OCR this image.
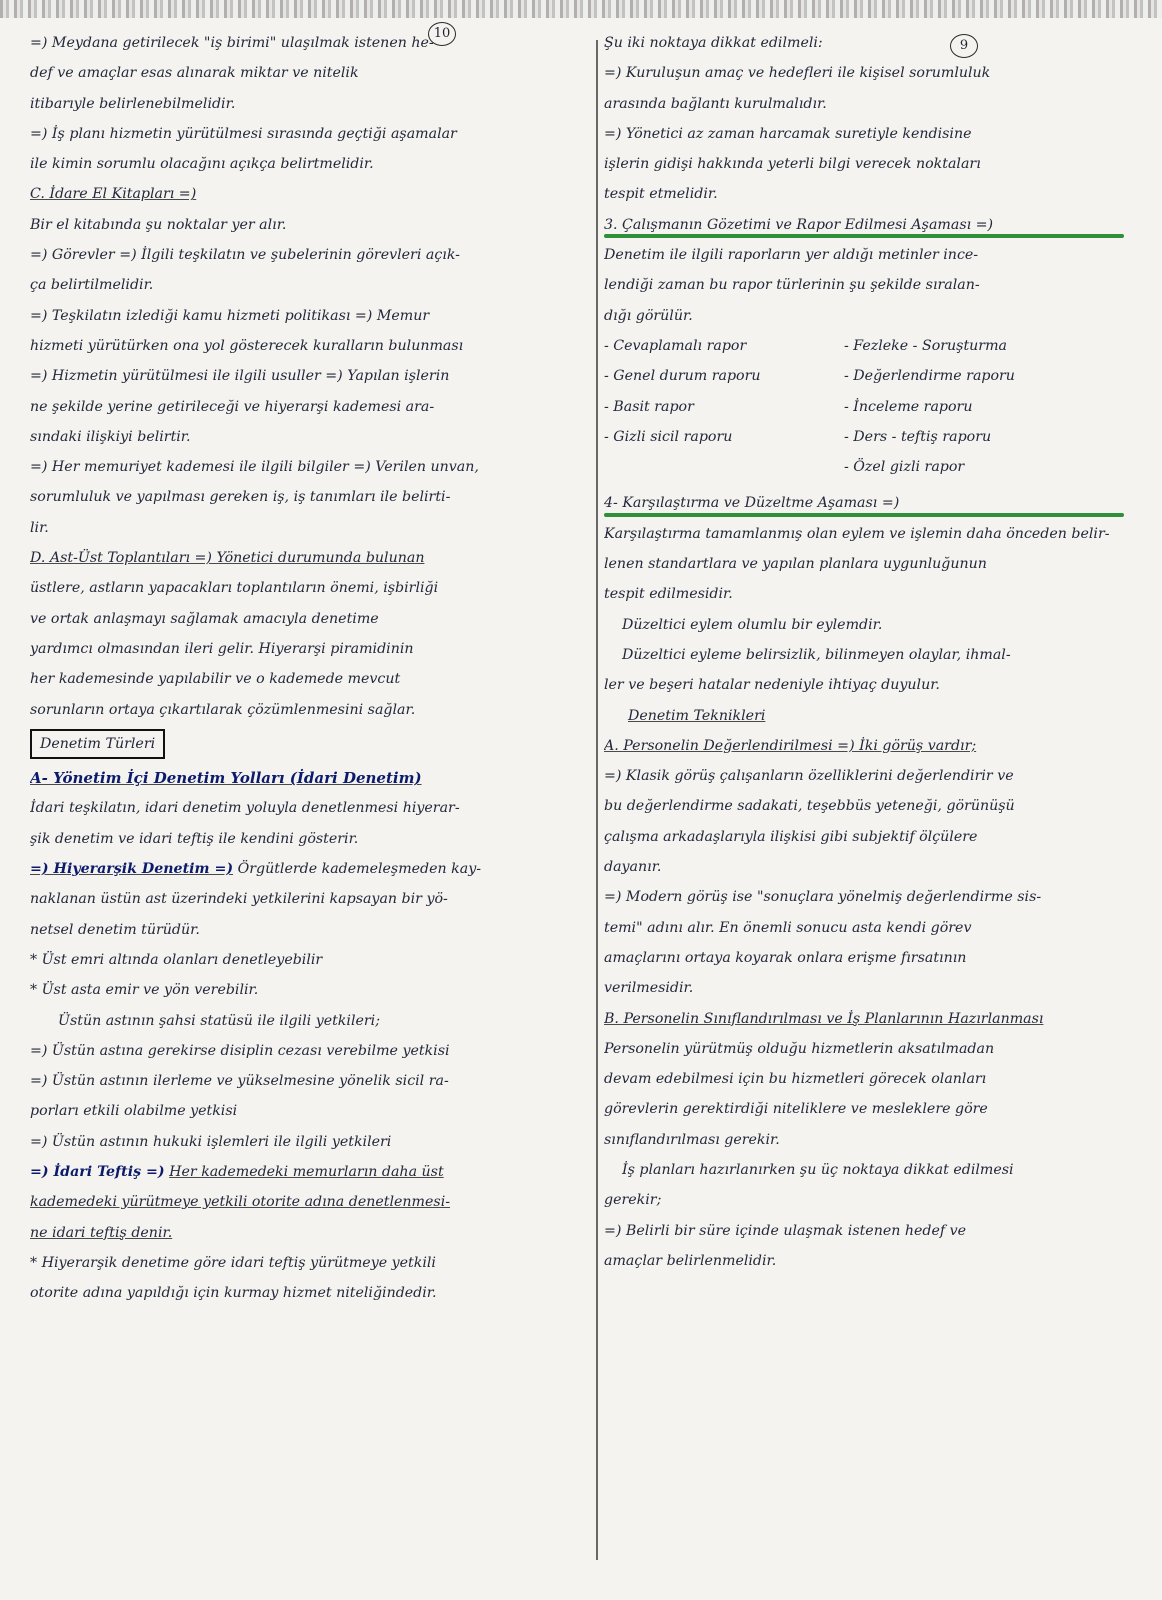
10
9
=) Meydana getirilecek "iş birimi" ulaşılmak istenen he-
def ve amaçlar esas alınarak miktar ve nitelik
itibarıyle belirlenebilmelidir.
=) İş planı hizmetin yürütülmesi sırasında geçtiği aşamalar
ile kimin sorumlu olacağını açıkça belirtmelidir.
C. İdare El Kitapları =)
Bir el kitabında şu noktalar yer alır.
=) Görevler =) İlgili teşkilatın ve şubelerinin görevleri açık-
ça belirtilmelidir.
=) Teşkilatın izlediği kamu hizmeti politikası =) Memur
hizmeti yürütürken ona yol gösterecek kuralların bulunması
=) Hizmetin yürütülmesi ile ilgili usuller =) Yapılan işlerin
ne şekilde yerine getirileceği ve hiyerarşi kademesi ara-
sındaki ilişkiyi belirtir.
=) Her memuriyet kademesi ile ilgili bilgiler =) Verilen unvan,
sorumluluk ve yapılması gereken iş, iş tanımları ile belirti-
lir.
D. Ast-Üst Toplantıları =) Yönetici durumunda bulunan
üstlere, astların yapacakları toplantıların önemi, işbirliği
ve ortak anlaşmayı sağlamak amacıyla denetime
yardımcı olmasından ileri gelir. Hiyerarşi piramidinin
her kademesinde yapılabilir ve o kademede mevcut
sorunların ortaya çıkartılarak çözümlenmesini sağlar.
Denetim Türleri
A- Yönetim İçi Denetim Yolları (İdari Denetim)
İdari teşkilatın, idari denetim yoluyla denetlenmesi hiyerar-
şik denetim ve idari teftiş ile kendini gösterir.
=) Hiyerarşik Denetim =) Örgütlerde kademeleşmeden kay-
naklanan üstün ast üzerindeki yetkilerini kapsayan bir yö-
netsel denetim türüdür.
* Üst emri altında olanları denetleyebilir
* Üst asta emir ve yön verebilir.
Üstün astının şahsi statüsü ile ilgili yetkileri;
=) Üstün astına gerekirse disiplin cezası verebilme yetkisi
=) Üstün astının ilerleme ve yükselmesine yönelik sicil ra-
porları etkili olabilme yetkisi
=) Üstün astının hukuki işlemleri ile ilgili yetkileri
=) İdari Teftiş =) Her kademedeki memurların daha üst
kademedeki yürütmeye yetkili otorite adına denetlenmesi-
ne idari teftiş denir.
* Hiyerarşik denetime göre idari teftiş yürütmeye yetkili
otorite adına yapıldığı için kurmay hizmet niteliğindedir.
Şu iki noktaya dikkat edilmeli:
=) Kuruluşun amaç ve hedefleri ile kişisel sorumluluk
arasında bağlantı kurulmalıdır.
=) Yönetici az zaman harcamak suretiyle kendisine
işlerin gidişi hakkında yeterli bilgi verecek noktaları
tespit etmelidir.
3. Çalışmanın Gözetimi ve Rapor Edilmesi Aşaması =)
Denetim ile ilgili raporların yer aldığı metinler ince-
lendiği zaman bu rapor türlerinin şu şekilde sıralan-
dığı görülür.
- Cevaplamalı rapor
- Genel durum raporu
- Basit rapor
- Gizli sicil raporu
- Fezleke - Soruşturma
- Değerlendirme raporu
- İnceleme raporu
- Ders - teftiş raporu
- Özel gizli rapor
4- Karşılaştırma ve Düzeltme Aşaması =)
Karşılaştırma tamamlanmış olan eylem ve işlemin daha önceden belir-
lenen standartlara ve yapılan planlara uygunluğunun
tespit edilmesidir.
Düzeltici eylem olumlu bir eylemdir.
Düzeltici eyleme belirsizlik, bilinmeyen olaylar, ihmal-
ler ve beşeri hatalar nedeniyle ihtiyaç duyulur.
Denetim Teknikleri
A. Personelin Değerlendirilmesi =) İki görüş vardır;
=) Klasik görüş çalışanların özelliklerini değerlendirir ve
bu değerlendirme sadakati, teşebbüs yeteneği, görünüşü
çalışma arkadaşlarıyla ilişkisi gibi subjektif ölçülere
dayanır.
=) Modern görüş ise "sonuçlara yönelmiş değerlendirme sis-
temi" adını alır. En önemli sonucu asta kendi görev
amaçlarını ortaya koyarak onlara erişme fırsatının
verilmesidir.
B. Personelin Sınıflandırılması ve İş Planlarının Hazırlanması
Personelin yürütmüş olduğu hizmetlerin aksatılmadan
devam edebilmesi için bu hizmetleri görecek olanları
görevlerin gerektirdiği niteliklere ve mesleklere göre
sınıflandırılması gerekir.
İş planları hazırlanırken şu üç noktaya dikkat edilmesi
gerekir;
=) Belirli bir süre içinde ulaşmak istenen hedef ve
amaçlar belirlenmelidir.
